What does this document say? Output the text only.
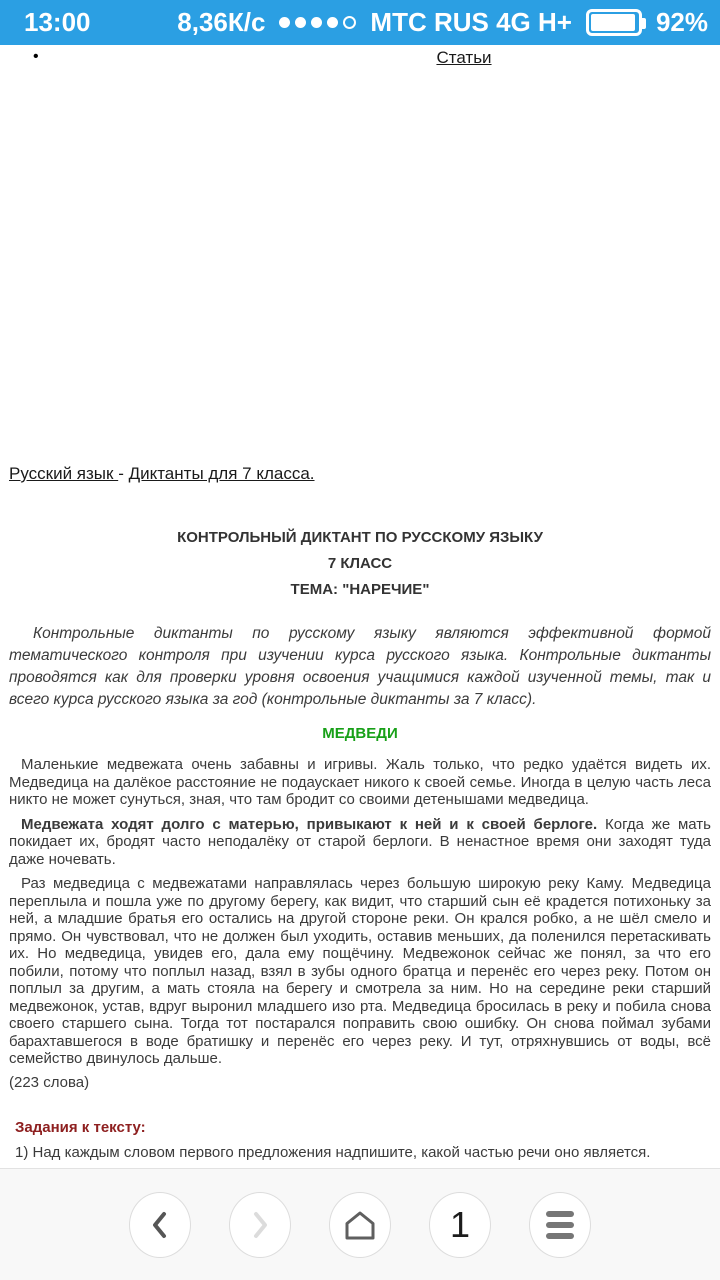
13:00	8,36К/с	МТС RUS 4G H+	92%
•	Статьи
Русский язык - Диктанты для 7 класса.
КОНТРОЛЬНЫЙ ДИКТАНТ ПО РУССКОМУ ЯЗЫКУ
7 КЛАСС
ТЕМА: "НАРЕЧИЕ"

Контрольные диктанты по русскому языку являются эффективной формой тематического контроля при изучении курса русского языка. Контрольные диктанты проводятся как для проверки уровня освоения учащимися каждой изученной темы, так и всего курса русского языка за год (контрольные диктанты за 7 класс).

МЕДВЕДИ

Маленькие медвежата очень забавны и игривы. Жаль только, что редко удаётся видеть их. Медведица на далёкое расстояние не подаускает никого к своей семье. Иногда в целую часть леса никто не может сунуться, зная, что там бродит со своими детенышами медведица.

Медвежата ходят долго с матерью, привыкают к ней и к своей берлоге. Когда же мать покидает их, бродят часто неподалёку от старой берлоги. В ненастное время они заходят туда даже ночевать.

Раз медведица с медвежатами направлялась через большую широкую реку Каму. Медведица переплыла и пошла уже по другому берегу, как видит, что старший сын её крадется потихоньку за ней, а младшие братья его остались на другой стороне реки. Он крался робко, а не шёл смело и прямо. Он чувствовал, что не должен был уходить, оставив меньших, да поленился перетаскивать их. Но медведица, увидев его, дала ему пощёчину. Медвежонок сейчас же понял, за что его побили, потому что поплыл назад, взял в зубы одного братца и перенёс его через реку. Потом он поплыл за другим, а мать стояла на берегу и смотрела за ним. Но на середине реки старший медвежонок, устав, вдруг выронил младшего изо рта. Медведица бросилась в реку и побила снова своего старшего сына. Тогда тот постарался поправить свою ошибку. Он снова поймал зубами барахтавшегося в воде братишку и перенёс его через реку. И тут, отряхнувшись от воды, всё семейство двинулось дальше.

(223 слова)

Задания к тексту:

1) Над каждым словом первого предложения надпишите, какой частью речи оно является.

1
